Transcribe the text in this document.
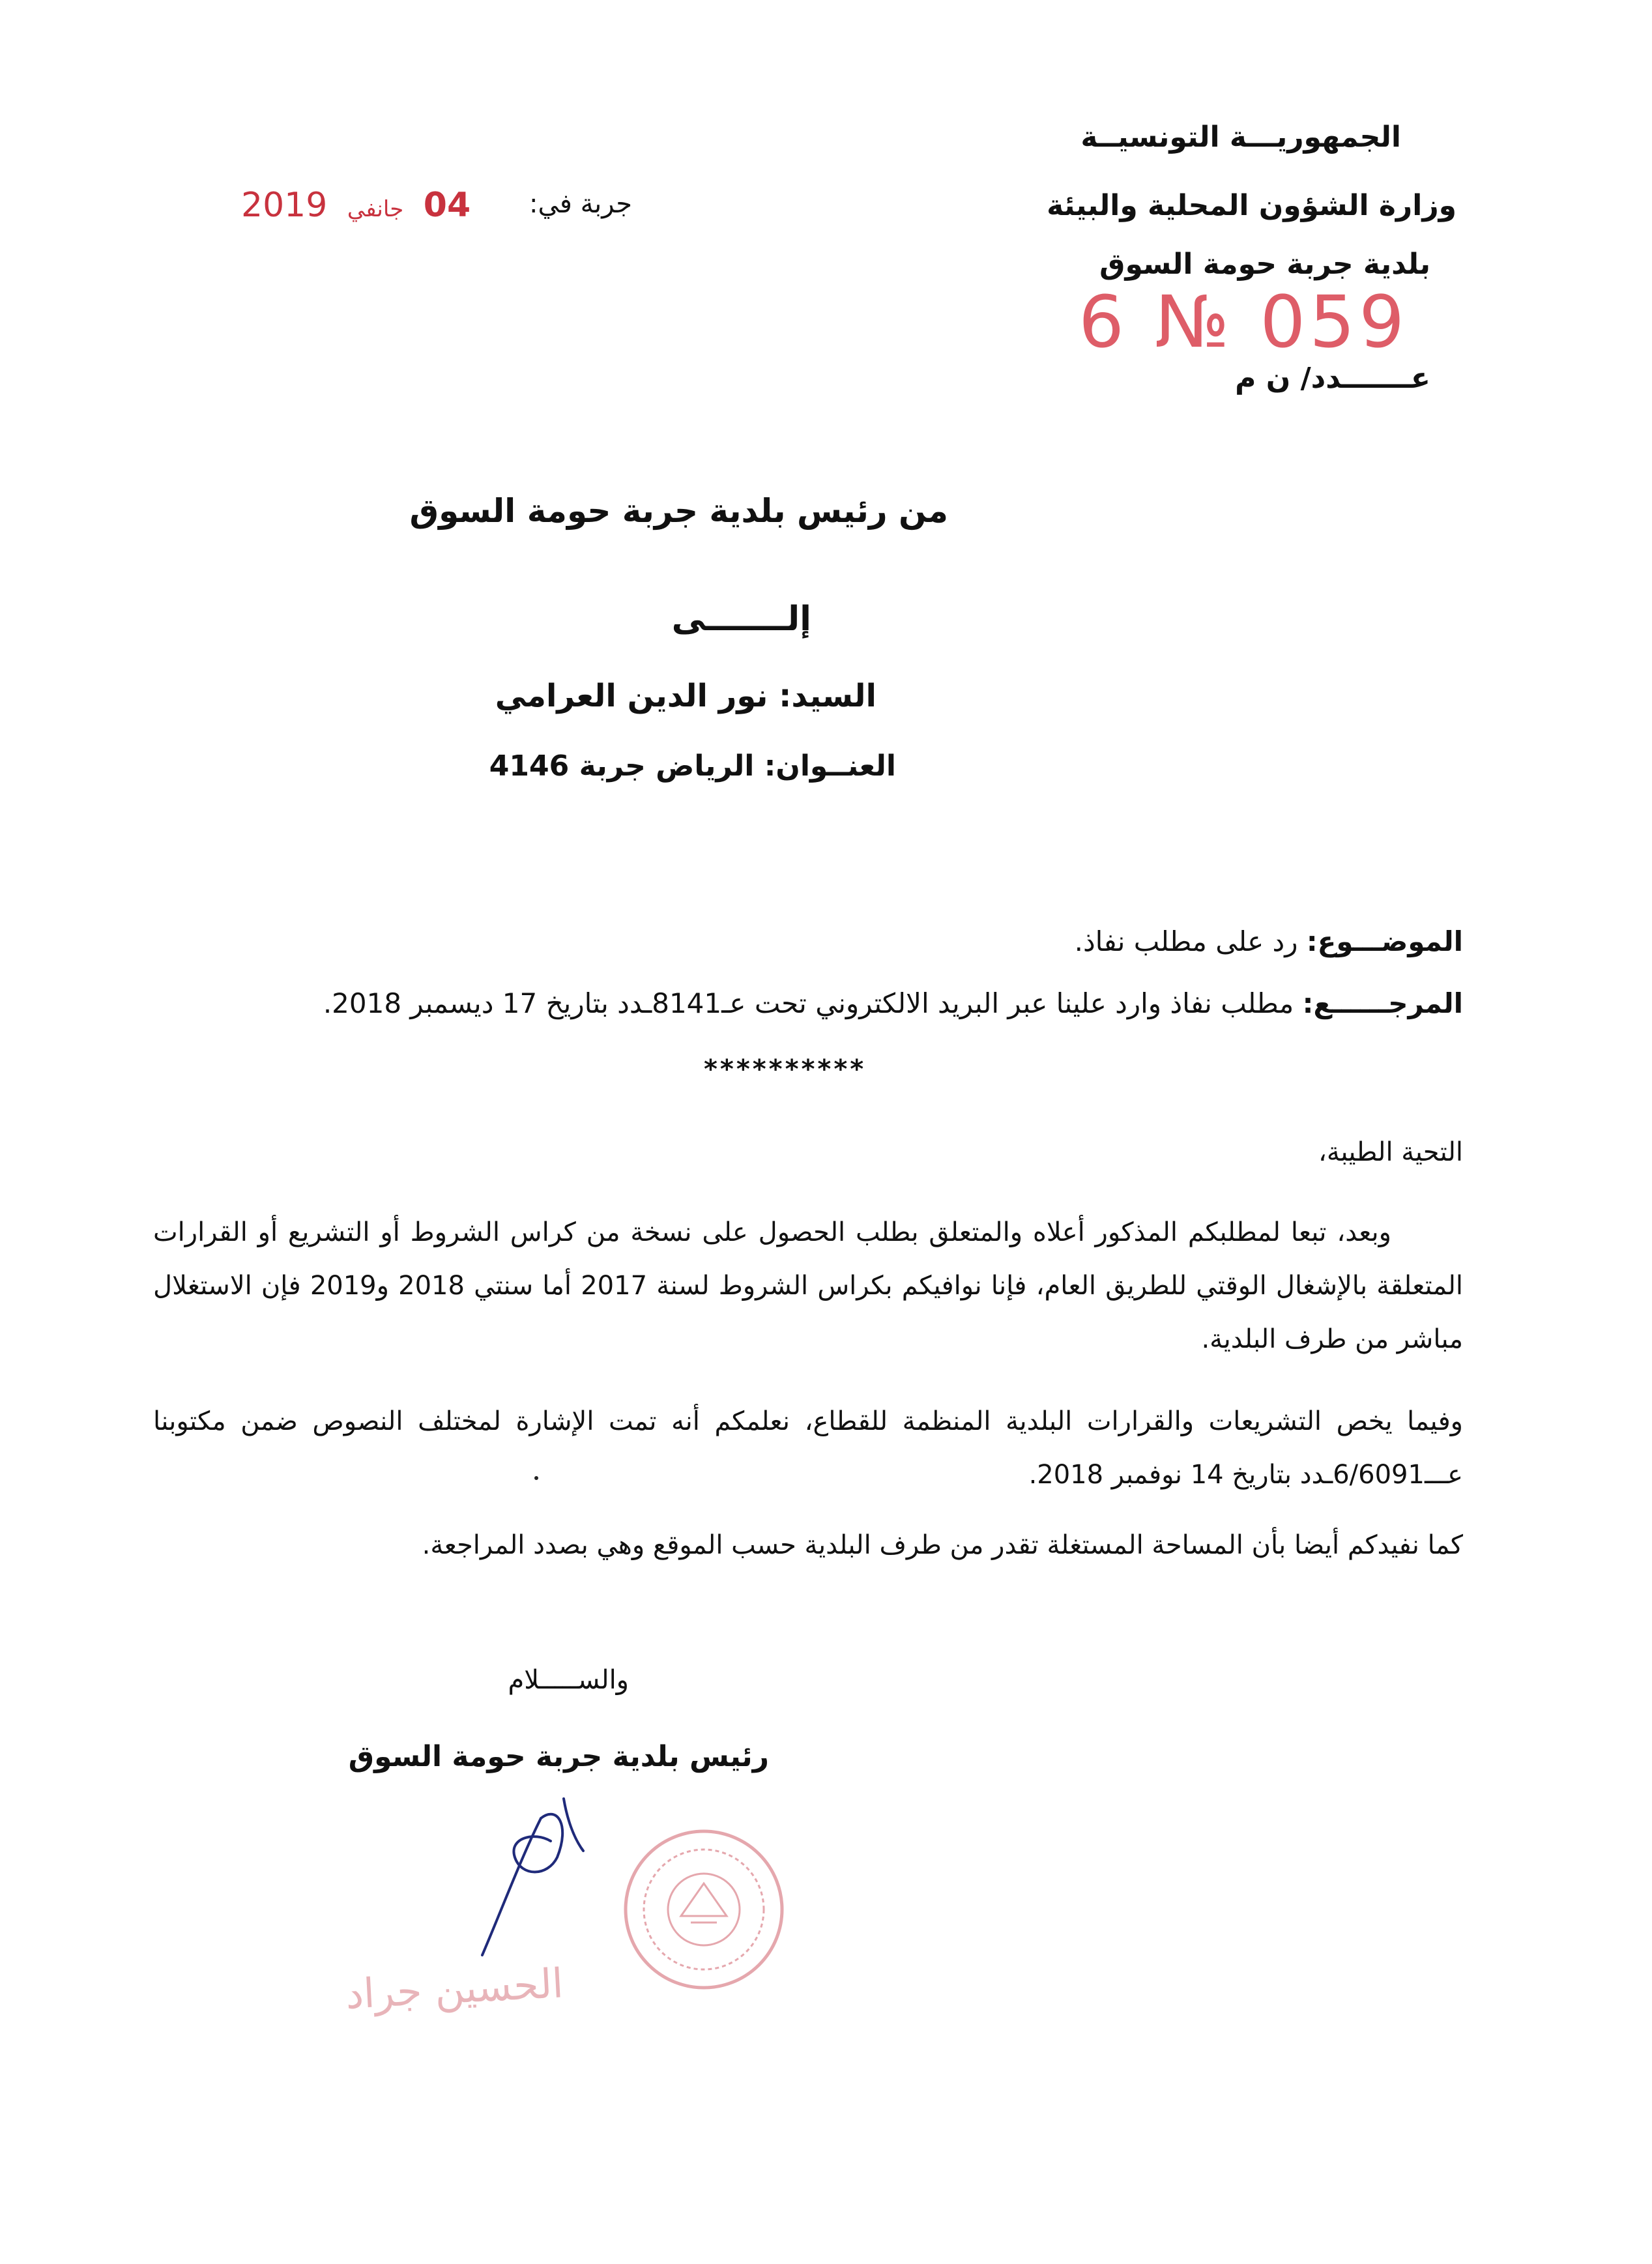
الجمهوريـــة التونسيــة
وزارة الشؤون المحلية والبيئة
بلدية جربة حومة السوق
عـــــــدد/ ن م
6 № 059
جربة في:
2019 جانفي 04
من رئيس بلدية جربة حومة السوق
إلـــــــى
السيد: نور الدين العرامي
العنــوان: الرياض جربة 4146
الموضـــوع: رد على مطلب نفاذ.
المرجــــــع: مطلب نفاذ وارد علينا عبر البريد الالكتروني تحت عـ8141ـدد بتاريخ 17 ديسمبر 2018.
**********
التحية الطيبة،
وبعد، تبعا لمطلبكم المذكور أعلاه والمتعلق بطلب الحصول على نسخة من كراس الشروط أو التشريع أو القرارات المتعلقة بالإشغال الوقتي للطريق العام، فإنا نوافيكم بكراس الشروط لسنة 2017 أما سنتي 2018 و2019 فإن الاستغلال مباشر من طرف البلدية.
وفيما يخص التشريعات والقرارات البلدية المنظمة للقطاع، نعلمكم أنه تمت الإشارة لمختلف النصوص ضمن مكتوبنا عـــ6/6091ـدد بتاريخ 14 نوفمبر 2018.
كما نفيدكم أيضا بأن المساحة المستغلة تقدر من طرف البلدية حسب الموقع وهي بصدد المراجعة.
والســـــلام
رئيس بلدية جربة حومة السوق
الحسين جراد
